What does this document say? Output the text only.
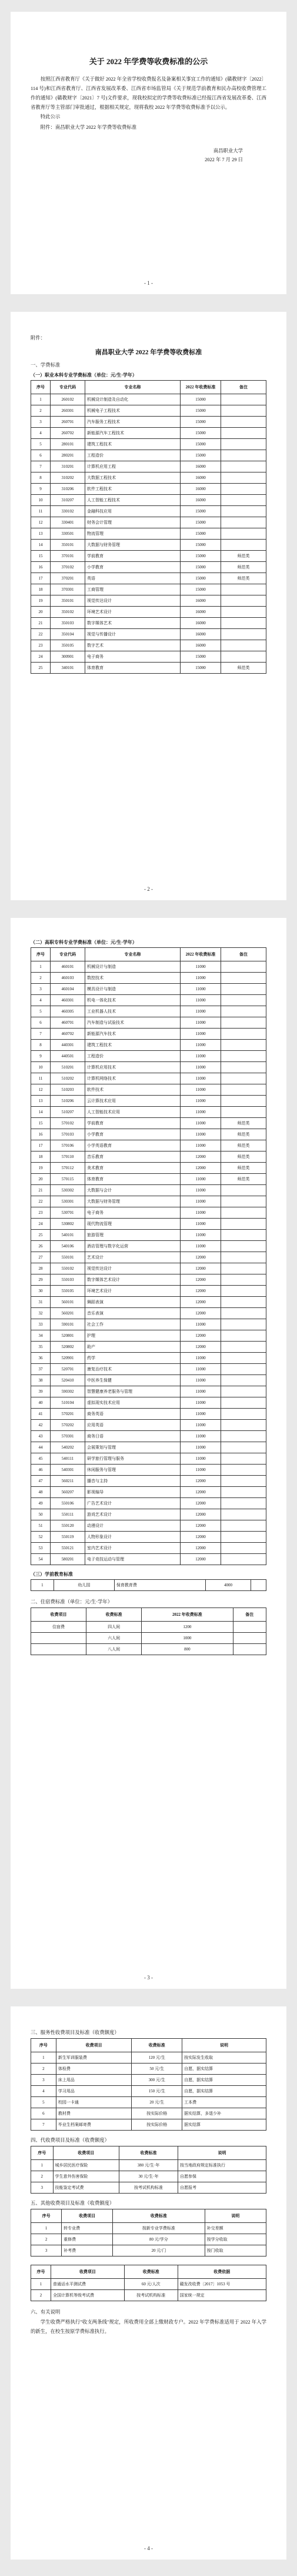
关于 2022 年学费等收费标准的公示

按照江西省教育厅《关于做好 2022 年全省学校收费报名及备案相关事宜工作的通知》(赣教财字〔2022〕114 号)和江西省教育厅、江西省发展改革委、江西省市场监管局《关于规范学前教育和民办高校收费管理工作的通知》(赣教财字〔2021〕7 号)文件要求，现我校拟定的学费等收费标准已经报江西省发展改革委、江西省教育厅等主管部门审批通过，根据相关规定，现将我校 2022 年学费等收费标准予以公示。

特此公示

附件：南昌职业大学 2022 年学费等收费标准

南昌职业大学
2022 年 7 月 29 日
- 1 -
附件：
南昌职业大学 2022 年学费等收费标准
一、学费标准
（一）职业本科专业学费标准（单位：元/生·学年）
序号	专业代码	专业名称	2022 年收费标准	备注
1	260102	机械设计制造及自动化	15000	
2	260301	机械电子工程技术	15000	
3	260701	汽车服务工程技术	15000	
4	260702	新能源汽车工程技术	15000	
5	280101	建筑工程技术	15000	
6	280201	工程造价	15000	
7	310201	计算机应用工程	16000	
8	310202	大数据工程技术	16000	
9	310206	软件工程技术	16000	
10	310207	人工智能工程技术	16000	
11	330102	金融科技应用	15000	
12	330401	财务会计管理	15000	
13	330501	物流管理	15000	
14	350101	大数据与财务管理	15000	
15	370101	学前教育	15000	师范类
16	370102	小学教育	15000	师范类
17	370201	英语	15000	师范类
18	370301	工商管理	15000	
19	350101	视觉传达设计	16000	
20	350102	环境艺术设计	16000	
21	350103	数字媒体艺术	16000	
22	350104	视觉与传播设计	16000	
23	350105	数字艺术	16000	
24	300901	电子商务	15000	
25	340101	体育教育	15000	师范类
- 2 -
（二）高职专科专业学费标准（单位：元/生·学年）
序号	专业代码	专业名称	2022 年收费标准	备注
1	460101	机械设计与制造	11000	
2	460103	数控技术	11000	
3	460104	模具设计与制造	11000	
4	460301	机电一体化技术	11000	
5	460305	工业机器人技术	11000	
6	460701	汽车制造与试验技术	11000	
7	460702	新能源汽车技术	11000	
8	440301	建筑工程技术	11000	
9	440501	工程造价	11000	
10	510201	计算机应用技术	11000	
11	510202	计算机网络技术	11000	
12	510203	软件技术	11000	
13	510206	云计算技术应用	11000	
14	510207	人工智能技术应用	11000	
15	570102	学前教育	11000	师范类
16	570103	小学教育	11000	师范类
17	570106	小学英语教育	11000	师范类
18	570110	音乐教育	12000	师范类
19	570112	美术教育	12000	师范类
20	570115	体育教育	11000	师范类
21	530302	大数据与会计	11000	
22	530301	大数据与财务管理	11000	
23	530701	电子商务	11000	
24	530802	现代物流管理	11000	
25	540101	旅游管理	11000	
26	540106	酒店管理与数字化运营	11000	
27	550101	艺术设计	12000	
28	550102	视觉传达设计	12000	
29	550103	数字媒体艺术设计	12000	
30	550105	环境艺术设计	12000	
31	560101	舞蹈表演	12000	
32	560201	音乐表演	12000	
33	590101	社会工作	11000	
34	520801	护理	12000	
35	520802	助产	12000	
36	520901	药学	11000	
37	520701	康复治疗技术	11000	
38	520410	中医养生保健	11000	
39	590302	智慧健康养老服务与管理	11000	
40	510104	虚拟现实技术应用	11000	
41	570201	商务英语	11000	
42	570202	应用英语	11000	
43	570301	商务日语	11000	
44	540202	会展策划与管理	11000	
45	540111	研学旅行管理与服务	11000	
46	540301	休闲服务与管理	11000	
47	560211	播音与主持	12000	
48	560207	影视编导	12000	
49	550106	广告艺术设计	12000	
50	550111	游戏艺术设计	12000	
51	550120	动漫设计	12000	
52	550119	人物形象设计	12000	
53	550121	室内艺术设计	12000	
54	580201	电子竞技运动与管理	12000	
（三）学前教育标准
1	幼儿园	保育教育费	4000	
二、住宿费标准（单位：元/生·学年）
收费项目	收费标准	2022 年收费标准	备注
住宿费	四人间	1200	
	六人间	1000	
	八人间	800	
- 3 -
三、服务性收费项目及标准（收费额度）
序号	收费项目	收费标准	说明
1	新生军训服装费	120 元/生	按实际发生收取
2	体检费	50 元/生	自愿，据实结算
3	床上用品	300 元/生	自愿，据实结算
4	学习用品	150 元/生	自愿，据实结算
5	校园一卡通	20 元/生	工本费
6	教材费	按实际价格	据实结算，多退少补
7	毕业生档案邮寄费	按实际价格	据实结算
四、代收费项目及标准（收费额度）
序号	收费项目	收费标准	说明
1	城乡居民医疗保险	380 元/生·年	按当地政府规定标准执行
2	学生意外伤害保险	30 元/生·年	自愿参保
3	技能鉴定考试费	按考试机构标准	自愿报考
五、其他收费项目及标准（收费额度）
序号	收费项目	收费标准	说明
1	转专业费	按新专业学费标准	补交差额
2	重修费	80 元/学分	按学分收取
3	补考费	20 元/门	按门收取
序号	收费项目	收费标准	收费依据
1	普通话水平测试费	60 元/人次	赣发改收费〔2017〕1053 号
2	全国计算机等级考试费	按考试机构标准	国家统一规定
六、有关说明

学生收费严格执行"收支两条线"规定，所收费用全部上缴财政专户。2022 年学费标准适用于 2022 年入学的新生，在校生按原学费标准执行。

- 4 -
